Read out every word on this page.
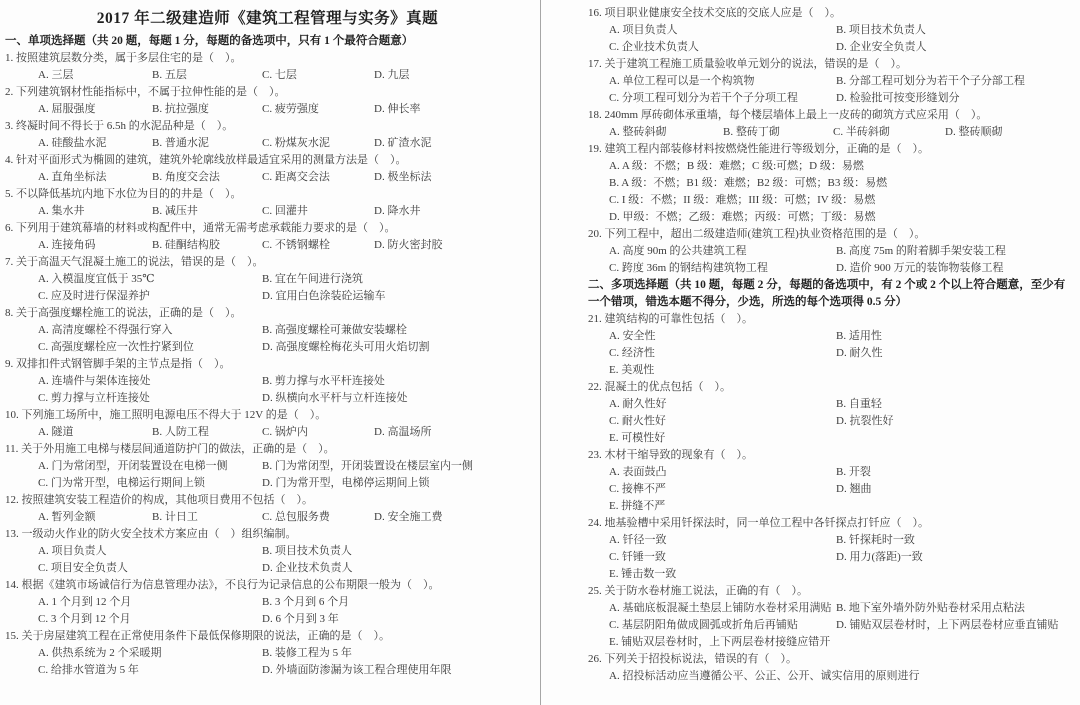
2017 年二级建造师《建筑工程管理与实务》真题
一、单项选择题（共 20 题，每题 1 分，每题的备选项中，只有 1 个最符合题意）
1. 按照建筑层数分类，属于多层住宅的是（　）。
A. 三层	B. 五层	C. 七层	D. 九层
2. 下列建筑钢材性能指标中，不属于拉伸性能的是（　）。
A. 屈服强度	B. 抗拉强度	C. 疲劳强度	D. 伸长率
3. 终凝时间不得长于 6.5h 的水泥品种是（　）。
A. 硅酸盐水泥	B. 普通水泥	C. 粉煤灰水泥	D. 矿渣水泥
4. 针对平面形式为椭圆的建筑，建筑外轮廓线放样最适宜采用的测量方法是（　）。
A. 直角坐标法	B. 角度交会法	C. 距离交会法	D. 极坐标法
5. 不以降低基坑内地下水位为目的的井是（　）。
A. 集水井	B. 减压井	C. 回灌井	D. 降水井
6. 下列用于建筑幕墙的材料或构配件中，通常无需考虑承载能力要求的是（　）。
A. 连接角码	B. 硅酮结构胶	C. 不锈钢螺栓	D. 防火密封胶
7. 关于高温天气混凝土施工的说法，错误的是（　）。
A. 入模温度宜低于 35℃	B. 宜在午间进行浇筑
C. 应及时进行保湿养护	D. 宜用白色涂装砼运输车
8. 关于高强度螺栓施工的说法，正确的是（　）。
A. 高清度螺栓不得强行穿入	B. 高强度螺栓可兼做安装螺栓
C. 高强度螺栓应一次性拧紧到位	D. 高强度螺栓梅花头可用火焰切割
9. 双排扣件式钢管脚手架的主节点是指（　）。
A. 连墙件与架体连接处	B. 剪力撑与水平杆连接处
C. 剪力撑与立杆连接处	D. 纵横向水平杆与立杆连接处
10. 下列施工场所中，施工照明电源电压不得大于 12V 的是（　）。
A. 隧道	B. 人防工程	C. 锅炉内	D. 高温场所
11. 关于外用施工电梯与楼层间通道防护门的做法，正确的是（　）。
A. 门为常闭型，开闭装置设在电梯一侧	B. 门为常闭型，开闭装置设在楼层室内一侧
C. 门为常开型，电梯运行期间上锁	D. 门为常开型，电梯停运期间上锁
12. 按照建筑安装工程造价的构成，其他项目费用不包括（　）。
A. 暂列金额	B. 计日工	C. 总包服务费	D. 安全施工费
13. 一级动火作业的防火安全技术方案应由（　）组织编制。
A. 项目负责人	B. 项目技术负责人
C. 项目安全负责人	D. 企业技术负责人
14. 根据《建筑市场诚信行为信息管理办法》，不良行为记录信息的公布期限一般为（　）。
A. 1 个月到 12 个月	B. 3 个月到 6 个月
C. 3 个月到 12 个月	D. 6 个月到 3 年
15. 关于房屋建筑工程在正常使用条件下最低保修期限的说法，正确的是（　）。
A. 供热系统为 2 个采暖期	B. 装修工程为 5 年
C. 给排水管道为 5 年	D. 外墙面防渗漏为该工程合理使用年限
16. 项目职业健康安全技术交底的交底人应是（　）。
A. 项目负责人	B. 项目技术负责人
C. 企业技术负责人	D. 企业安全负责人
17. 关于建筑工程施工质量验收单元划分的说法，错误的是（　）。
A. 单位工程可以是一个构筑物	B. 分部工程可划分为若干个子分部工程
C. 分项工程可划分为若干个子分项工程	D. 检验批可按变形缝划分
18. 240mm 厚砖砌体承重墙，每个楼层墙体上最上一皮砖的砌筑方式应采用（　）。
A. 整砖斜砌	B. 整砖丁砌	C. 半砖斜砌	D. 整砖顺砌
19. 建筑工程内部装修材料按燃烧性能进行等级划分，正确的是（　）。
A. A 级：不燃；B 级：难燃；C 级:可燃；D 级：易燃
B. A 级：不燃；B1 级：难燃；B2 级：可燃；B3 级：易燃
C. I 级：不燃；II 级：难燃；III 级：可燃；IV 级：易燃
D. 甲级：不燃；乙级：难燃；丙级：可燃；丁级：易燃
20. 下列工程中，超出二级建造师(建筑工程)执业资格范围的是（　）。
A. 高度 90m 的公共建筑工程	B. 高度 75m 的附着脚手架安装工程
C. 跨度 36m 的钢结构建筑物工程	D. 造价 900 万元的装饰物装修工程
二、多项选择题（共 10 题，每题 2 分，每题的备选项中，有 2 个或 2 个以上符合题意，至少有一个错项，错选本题不得分，少选，所选的每个选项得 0.5 分）
21. 建筑结构的可靠性包括（　）。
A. 安全性	B. 适用性
C. 经济性	D. 耐久性
E. 美观性
22. 混凝土的优点包括（　）。
A. 耐久性好	B. 自重轻
C. 耐火性好	D. 抗裂性好
E. 可模性好
23. 木材干缩导致的现象有（　）。
A. 表面鼓凸	B. 开裂
C. 接榫不严	D. 翘曲
E. 拼缝不严
24. 地基验槽中采用钎探法时，同一单位工程中各钎探点打钎应（　）。
A. 钎径一致	B. 钎探耗时一致
C. 钎锤一致	D. 用力(落距)一致
E. 锤击数一致
25. 关于防水卷材施工说法，正确的有（　）。
A. 基础底板混凝土垫层上铺防水卷材采用满贴 B. 地下室外墙外防外贴卷材采用点粘法
C. 基层阴阳角做成圆弧或折角后再铺贴	D. 铺贴双层卷材时，上下两层卷材应垂直铺贴
E. 铺贴双层卷材时，上下两层卷材接缝应错开
26. 下列关于招投标说法，错误的有（　）。
A. 招投标活动应当遵循公平、公正、公开、诚实信用的原则进行
